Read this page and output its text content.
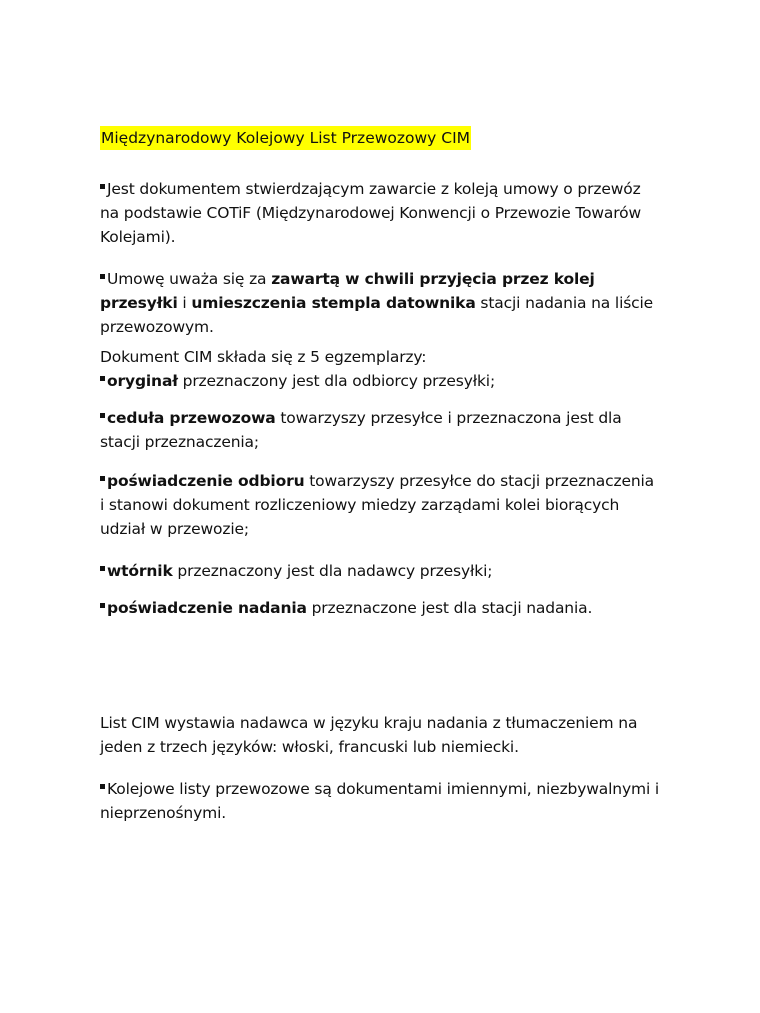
Międzynarodowy Kolejowy List Przewozowy CIM
Jest dokumentem stwierdzającym zawarcie z koleją umowy o przewóz na podstawie COTiF (Międzynarodowej Konwencji o Przewozie Towarów Kolejami).
Umowę uważa się za zawartą w chwili przyjęcia przez kolej przesyłki i umieszczenia stempla datownika stacji nadania na liście przewozowym.
Dokument CIM składa się z 5 egzemplarzy:
oryginał przeznaczony jest dla odbiorcy przesyłki;
ceduła przewozowa towarzyszy przesyłce i przeznaczona jest dla stacji przeznaczenia;
poświadczenie odbioru towarzyszy przesyłce do stacji przeznaczenia i stanowi dokument rozliczeniowy miedzy zarządami kolei biorących udział w przewozie;
wtórnik przeznaczony jest dla nadawcy przesyłki;
poświadczenie nadania przeznaczone jest dla stacji nadania.
List CIM wystawia nadawca w języku kraju nadania z tłumaczeniem na jeden z trzech języków: włoski, francuski lub niemiecki.
Kolejowe listy przewozowe są dokumentami imiennymi, niezbywalnymi i nieprzenośnymi.
